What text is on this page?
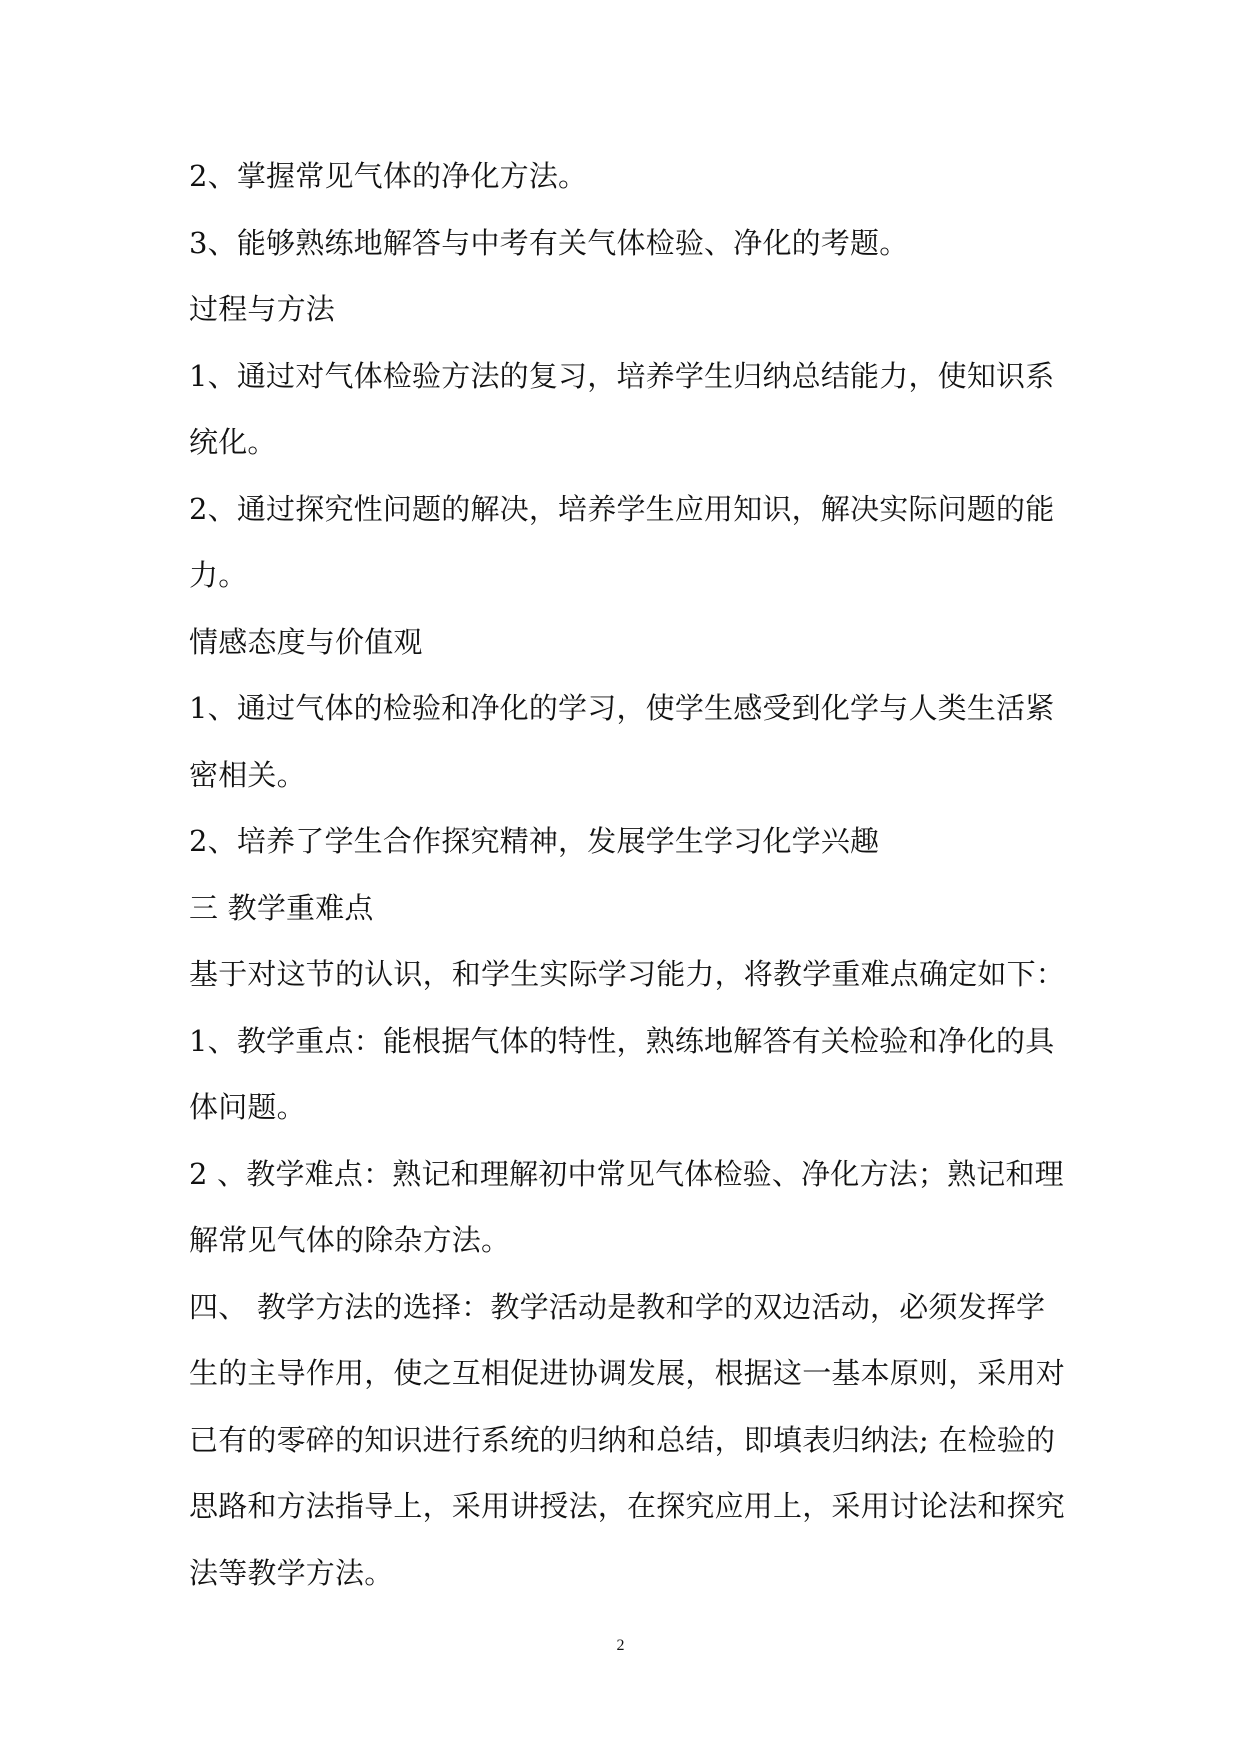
2、掌握常见气体的净化方法。
3、能够熟练地解答与中考有关气体检验、净化的考题。
过程与方法
1、通过对气体检验方法的复习，培养学生归纳总结能力，使知识系
统化。
2、通过探究性问题的解决，培养学生应用知识，解决实际问题的能
力。
情感态度与价值观
1、通过气体的检验和净化的学习，使学生感受到化学与人类生活紧
密相关。
2、培养了学生合作探究精神，发展学生学习化学兴趣
三 教学重难点
基于对这节的认识，和学生实际学习能力，将教学重难点确定如下：
1、教学重点：能根据气体的特性，熟练地解答有关检验和净化的具
体问题。
2 、教学难点：熟记和理解初中常见气体检验、净化方法；熟记和理
解常见气体的除杂方法。
四、 教学方法的选择：教学活动是教和学的双边活动，必须发挥学
生的主导作用，使之互相促进协调发展，根据这一基本原则，采用对
已有的零碎的知识进行系统的归纳和总结，即填表归纳法; 在检验的
思路和方法指导上，采用讲授法，在探究应用上，采用讨论法和探究
法等教学方法。
2
